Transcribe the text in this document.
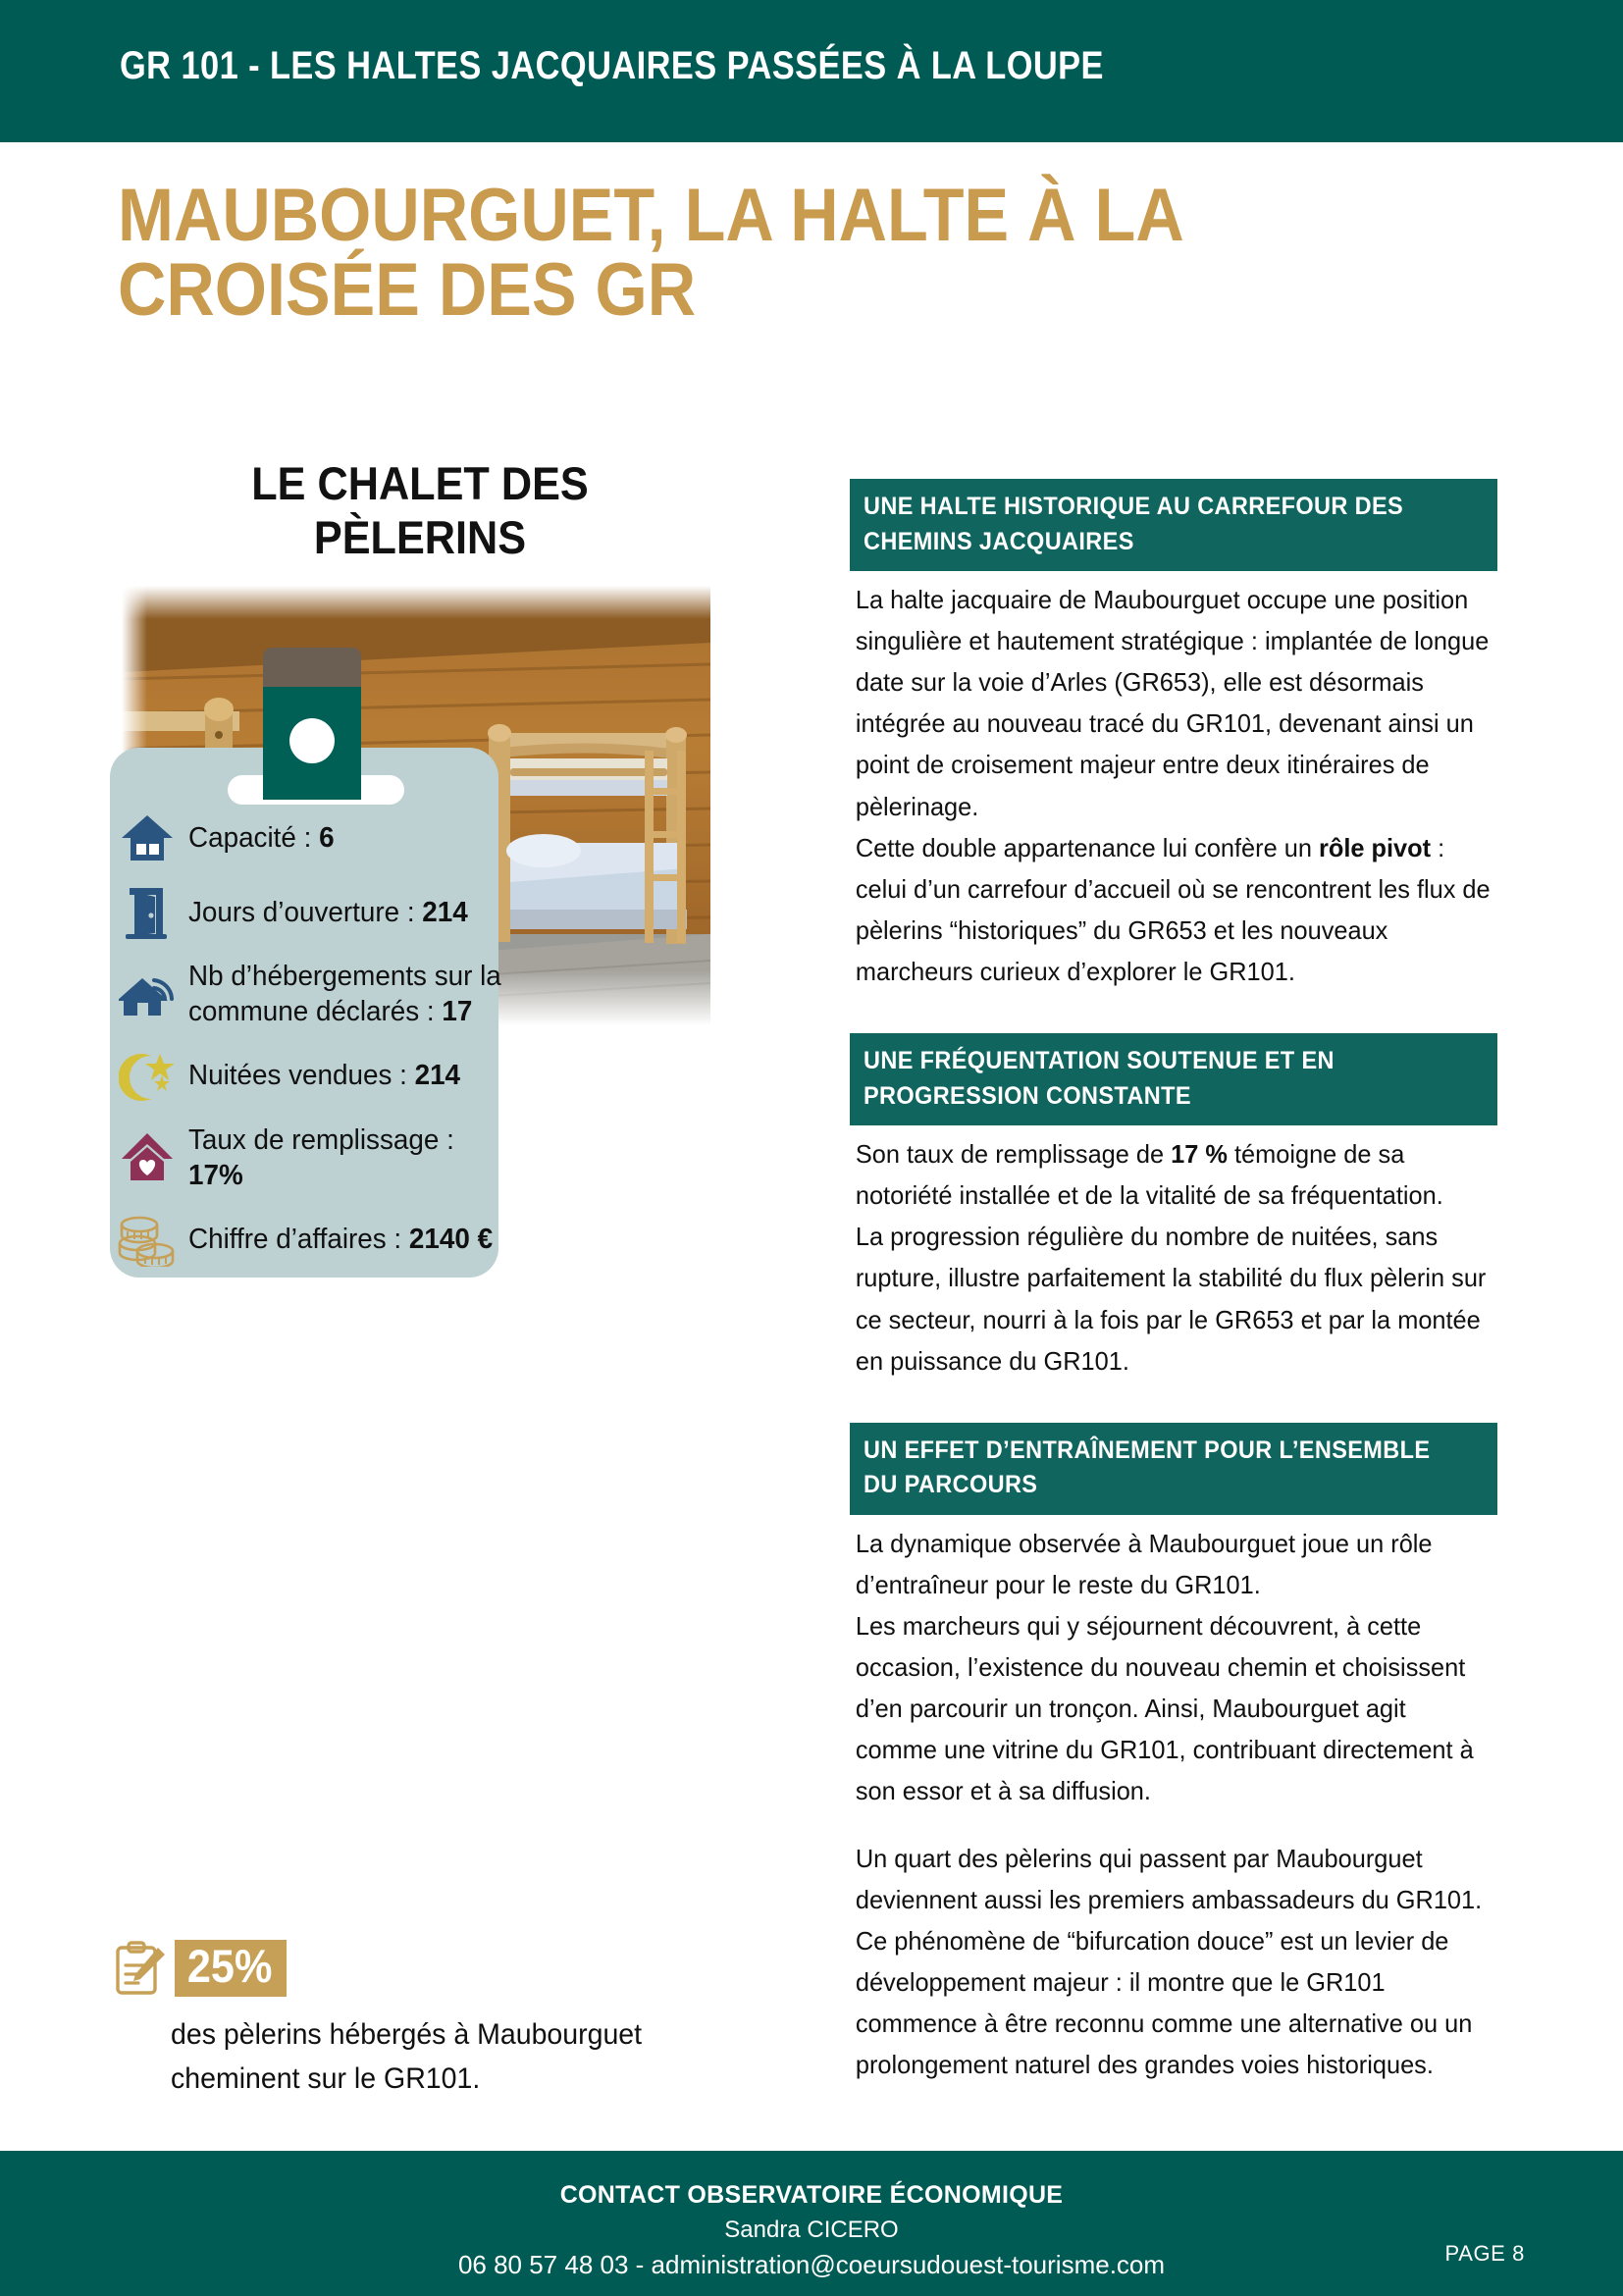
GR 101 - LES HALTES JACQUAIRES PASSÉES À LA LOUPE
MAUBOURGUET, LA HALTE À LA CROISÉE DES GR
LE CHALET DES PÈLERINS
Capacité : 6
Jours d’ouverture : 214
Nb d’hébergements sur la commune déclarés : 17
Nuitées vendues : 214
Taux de remplissage : 17%
Chiffre d’affaires : 2140 €
25%
des pèlerins hébergés à Maubourguet cheminent sur le GR101.
UNE HALTE HISTORIQUE AU CARREFOUR DES CHEMINS JACQUAIRES

La halte jacquaire de Maubourguet occupe une position singulière et hautement stratégique : implantée de longue date sur la voie d’Arles (GR653), elle est désormais intégrée au nouveau tracé du GR101, devenant ainsi un point de croisement majeur entre deux itinéraires de pèlerinage.

Cette double appartenance lui confère un rôle pivot : celui d’un carrefour d’accueil où se rencontrent les flux de pèlerins “historiques” du GR653 et les nouveaux marcheurs curieux d’explorer le GR101.

UNE FRÉQUENTATION SOUTENUE ET EN PROGRESSION CONSTANTE

Son taux de remplissage de 17 % témoigne de sa notoriété installée et de la vitalité de sa fréquentation.

La progression régulière du nombre de nuitées, sans rupture, illustre parfaitement la stabilité du flux pèlerin sur ce secteur, nourri à la fois par le GR653 et par la montée en puissance du GR101.

UN EFFET D’ENTRAÎNEMENT POUR L’ENSEMBLE DU PARCOURS

La dynamique observée à Maubourguet joue un rôle d’entraîneur pour le reste du GR101.

Les marcheurs qui y séjournent découvrent, à cette occasion, l’existence du nouveau chemin et choisissent d’en parcourir un tronçon. Ainsi, Maubourguet agit comme une vitrine du GR101, contribuant directement à son essor et à sa diffusion.

Un quart des pèlerins qui passent par Maubourguet deviennent aussi les premiers ambassadeurs du GR101. Ce phénomène de “bifurcation douce” est un levier de développement majeur : il montre que le GR101 commence à être reconnu comme une alternative ou un prolongement naturel des grandes voies historiques.

CONTACT OBSERVATOIRE ÉCONOMIQUE
Sandra CICERO
06 80 57 48 03 - administration@coeursudouest-tourisme.com	PAGE 8
